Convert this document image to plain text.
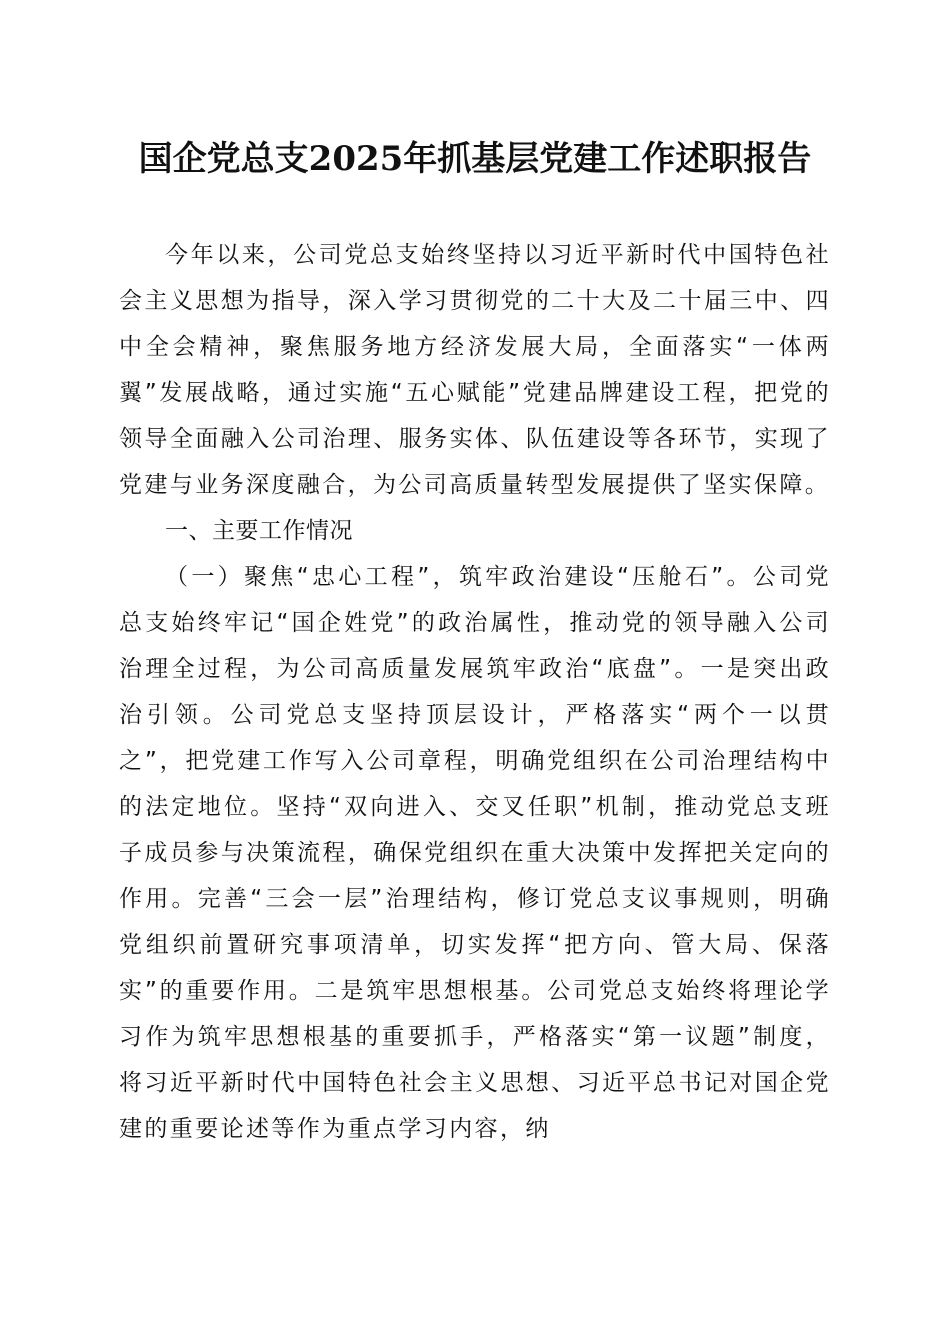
国企党总支2025年抓基层党建工作述职报告

今年以来，公司党总支始终坚持以习近平新时代中国特色社会主义思想为指导，深入学习贯彻党的二十大及二十届三中、四中全会精神，聚焦服务地方经济发展大局，全面落实“一体两翼”发展战略，通过实施“五心赋能”党建品牌建设工程，把党的领导全面融入公司治理、服务实体、队伍建设等各环节，实现了党建与业务深度融合，为公司高质量转型发展提供了坚实保障。

一、主要工作情况

（一）聚焦“忠心工程”，筑牢政治建设“压舱石”。公司党总支始终牢记“国企姓党”的政治属性，推动党的领导融入公司治理全过程，为公司高质量发展筑牢政治“底盘”。一是突出政治引领。公司党总支坚持顶层设计，严格落实“两个一以贯之”，把党建工作写入公司章程，明确党组织在公司治理结构中的法定地位。坚持“双向进入、交叉任职”机制，推动党总支班子成员参与决策流程，确保党组织在重大决策中发挥把关定向的作用。完善“三会一层”治理结构，修订党总支议事规则，明确党组织前置研究事项清单，切实发挥“把方向、管大局、保落实”的重要作用。二是筑牢思想根基。公司党总支始终将理论学习作为筑牢思想根基的重要抓手，严格落实“第一议题”制度，将习近平新时代中国特色社会主义思想、习近平总书记对国企党建的重要论述等作为重点学习内容，纳
